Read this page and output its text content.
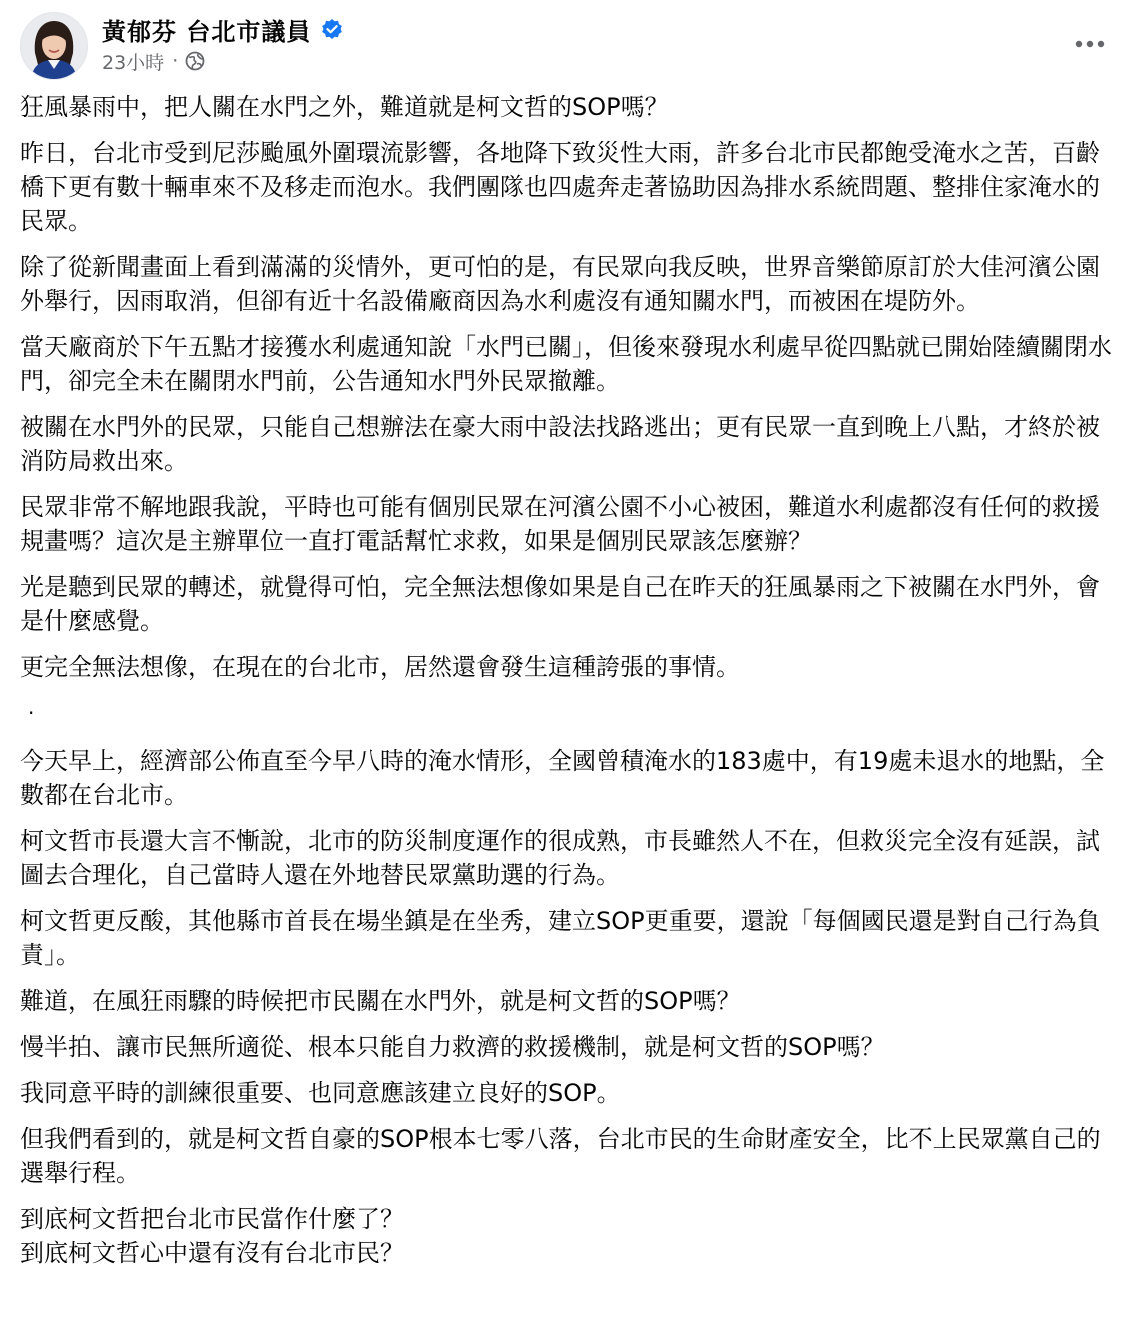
黃郁芬 台北市議員
23小時 ·

狂風暴雨中，把人關在水門之外，難道就是柯文哲的SOP嗎？

昨日，台北市受到尼莎颱風外圍環流影響，各地降下致災性大雨，許多台北市民都飽受淹水之苦，百齡橋下更有數十輛車來不及移走而泡水。我們團隊也四處奔走著協助因為排水系統問題、整排住家淹水的民眾。

除了從新聞畫面上看到滿滿的災情外，更可怕的是，有民眾向我反映，世界音樂節原訂於大佳河濱公園外舉行，因雨取消，但卻有近十名設備廠商因為水利處沒有通知關水門，而被困在堤防外。

當天廠商於下午五點才接獲水利處通知說「水門已關」，但後來發現水利處早從四點就已開始陸續關閉水門，卻完全未在關閉水門前，公告通知水門外民眾撤離。

被關在水門外的民眾，只能自己想辦法在豪大雨中設法找路逃出；更有民眾一直到晚上八點，才終於被消防局救出來。

民眾非常不解地跟我說，平時也可能有個別民眾在河濱公園不小心被困，難道水利處都沒有任何的救援規畫嗎？這次是主辦單位一直打電話幫忙求救，如果是個別民眾該怎麼辦？

光是聽到民眾的轉述，就覺得可怕，完全無法想像如果是自己在昨天的狂風暴雨之下被關在水門外，會是什麼感覺。

更完全無法想像，在現在的台北市，居然還會發生這種誇張的事情。

·

今天早上，經濟部公佈直至今早八時的淹水情形，全國曾積淹水的183處中，有19處未退水的地點，全數都在台北市。

柯文哲市長還大言不慚說，北市的防災制度運作的很成熟，市長雖然人不在，但救災完全沒有延誤，試圖去合理化，自己當時人還在外地替民眾黨助選的行為。

柯文哲更反酸，其他縣市首長在場坐鎮是在坐秀，建立SOP更重要，還說「每個國民還是對自己行為負責」。

難道，在風狂雨驟的時候把市民關在水門外，就是柯文哲的SOP嗎？

慢半拍、讓市民無所適從、根本只能自力救濟的救援機制，就是柯文哲的SOP嗎？

我同意平時的訓練很重要、也同意應該建立良好的SOP。

但我們看到的，就是柯文哲自豪的SOP根本七零八落，台北市民的生命財產安全，比不上民眾黨自己的選舉行程。

到底柯文哲把台北市民當作什麼了？
到底柯文哲心中還有沒有台北市民？
